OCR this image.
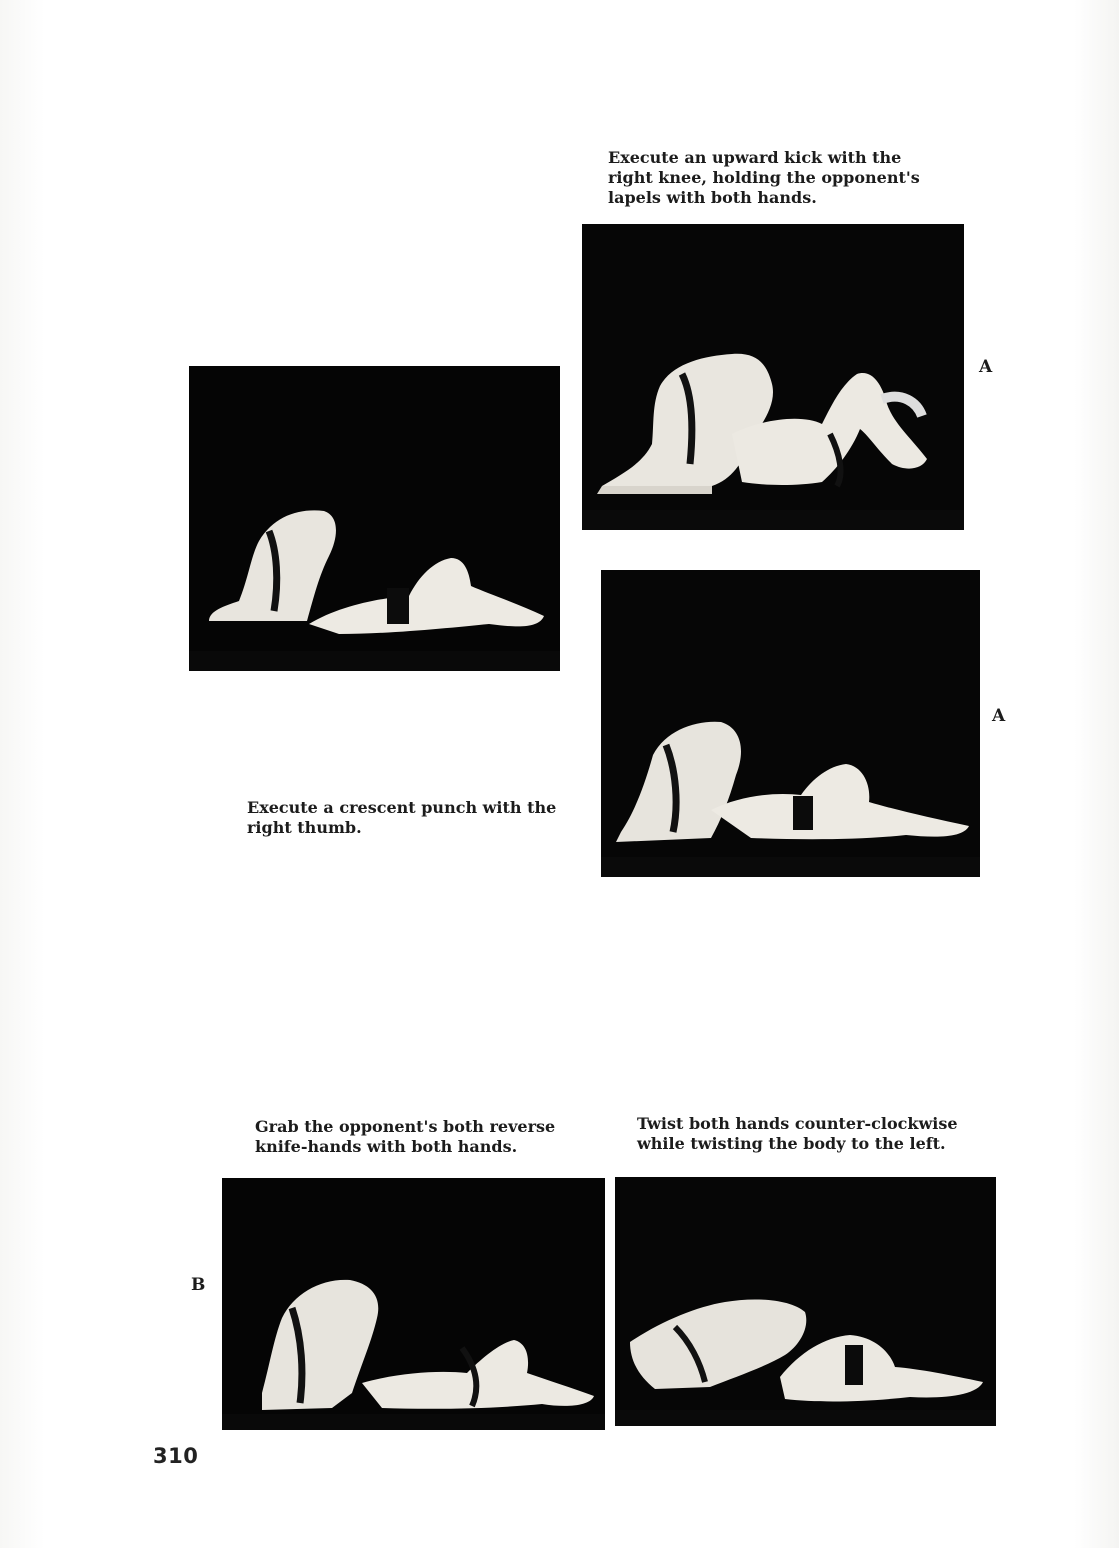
Execute an upward kick with the right knee, holding the opponent's lapels with both hands.

A
A

Execute a crescent punch with the right thumb.

Grab the opponent's both reverse knife-hands with both hands.

Twist both hands counter-clockwise while twisting the body to the left.

B
310
